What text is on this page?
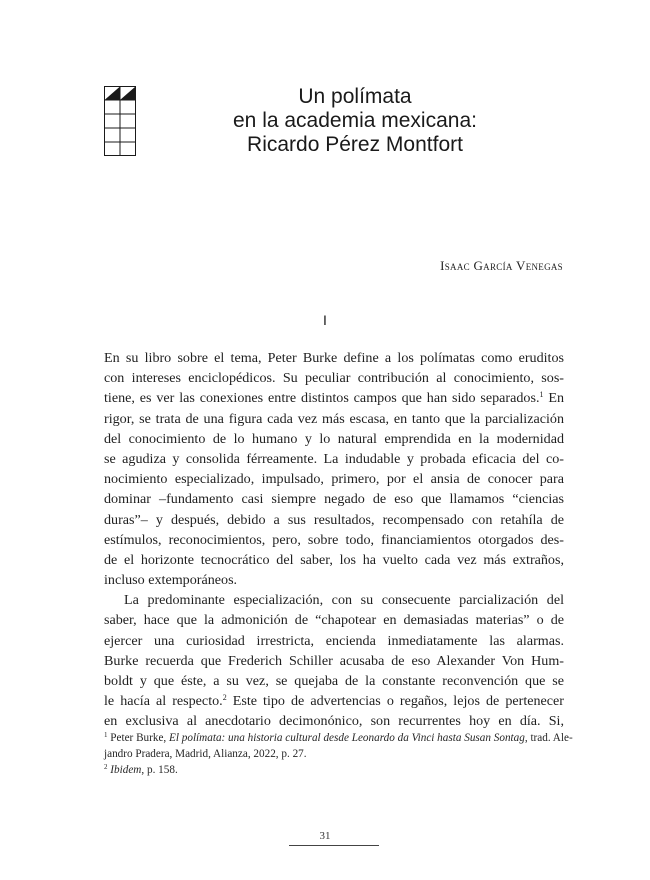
Un polímata
en la academia mexicana:
Ricardo Pérez Montfort
Isaac García Venegas
I
En su libro sobre el tema, Peter Burke define a los polímatas como eruditos
con intereses enciclopédicos. Su peculiar contribución al conocimiento, sos-
tiene, es ver las conexiones entre distintos campos que han sido separados.$^1$ En
rigor, se trata de una figura cada vez más escasa, en tanto que la parcialización
del conocimiento de lo humano y lo natural emprendida en la modernidad
se agudiza y consolida férreamente. La indudable y probada eficacia del co-
nocimiento especializado, impulsado, primero, por el ansia de conocer para
dominar –fundamento casi siempre negado de eso que llamamos “ciencias
duras”– y después, debido a sus resultados, recompensado con retahíla de
estímulos, reconocimientos, pero, sobre todo, financiamientos otorgados des-
de el horizonte tecnocrático del saber, los ha vuelto cada vez más extraños,
incluso extemporáneos.
La predominante especialización, con su consecuente parcialización del
saber, hace que la admonición de “chapotear en demasiadas materias” o de
ejercer una curiosidad irrestricta, encienda inmediatamente las alarmas.
Burke recuerda que Frederich Schiller acusaba de eso Alexander Von Hum-
boldt y que éste, a su vez, se quejaba de la constante reconvención que se
le hacía al respecto.$^2$ Este tipo de advertencias o regaños, lejos de pertenecer
en exclusiva al anecdotario decimonónico, son recurrentes hoy en día. Si,
$^1$ Peter Burke, El polímata: una historia cultural desde Leonardo da Vinci hasta Susan Sontag, trad. Ale-
jandro Pradera, Madrid, Alianza, 2022, p. 27.
$^2$ Ibidem, p. 158.
31
